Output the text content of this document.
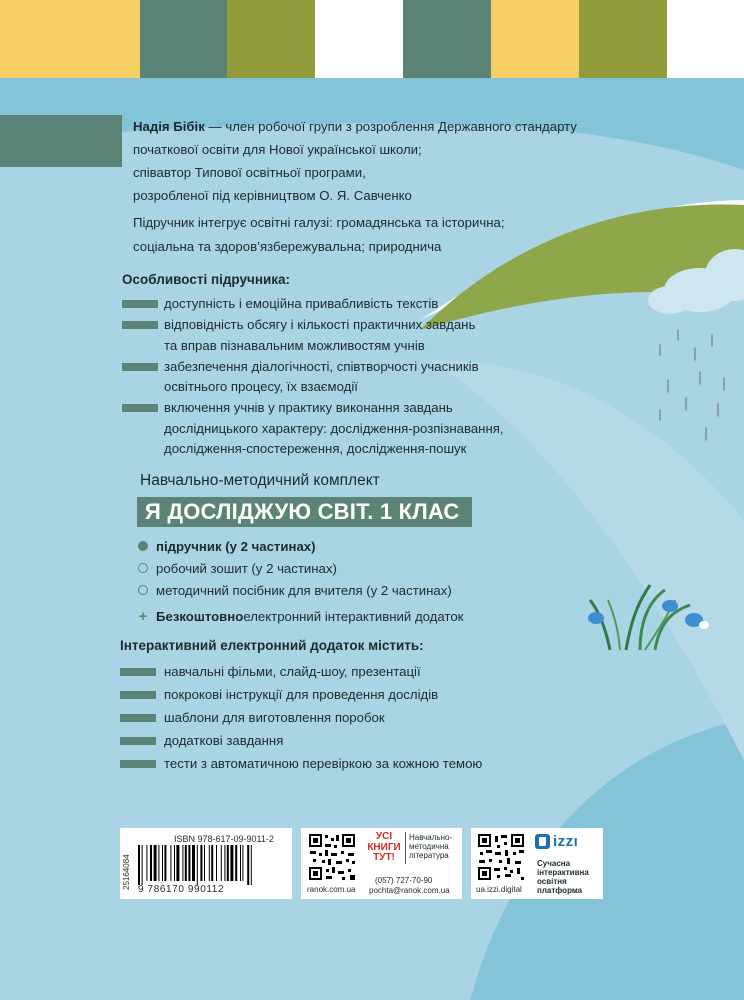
Надія Бібік — член робочої групи з розроблення Державного стандарту
початкової освіти для Нової української школи;
співавтор Типової освітньої програми,
розробленої під керівництвом О. Я. Савченко
Підручник інтегрує освітні галузі: громадянська та історична;
соціальна та здоров’язбережувальна; природнича
Особливості підручника:
доступність і емоційна привабливість текстів
відповідність обсягу і кількості практичних завдань
та вправ пізнавальним можливостям учнів
забезпечення діалогічності, співтворчості учасників
освітнього процесу, їх взаємодії
включення учнів у практику виконання завдань
дослідницького характеру: дослідження-розпізнавання,
дослідження-спостереження, дослідження-пошук
Навчально-методичний комплект
Я ДОСЛІДЖУЮ СВІТ. 1 КЛАС
підручник (у 2 частинах)
робочий зошит (у 2 частинах)
методичний посібник для вчителя (у 2 частинах)
+ Безкоштовно електронний інтерактивний додаток
Інтерактивний електронний додаток містить:
навчальні фільми, слайд-шоу, презентації
покрокові інструкції для проведення дослідів
шаблони для виготовлення поробок
додаткові завдання
тести з автоматичною перевіркою за кожною темою
25164084
ISBN 978-617-09-9011-2
9 786170 990112	ranok.com.ua
УСІ
КНИГИ
ТУТ!
Навчально-
методична
література
(057) 727-70-90
pochta@ranok.com.ua	ua.izzi.digital
izzı
Сучасна
інтерактивна
освітня
платформа
